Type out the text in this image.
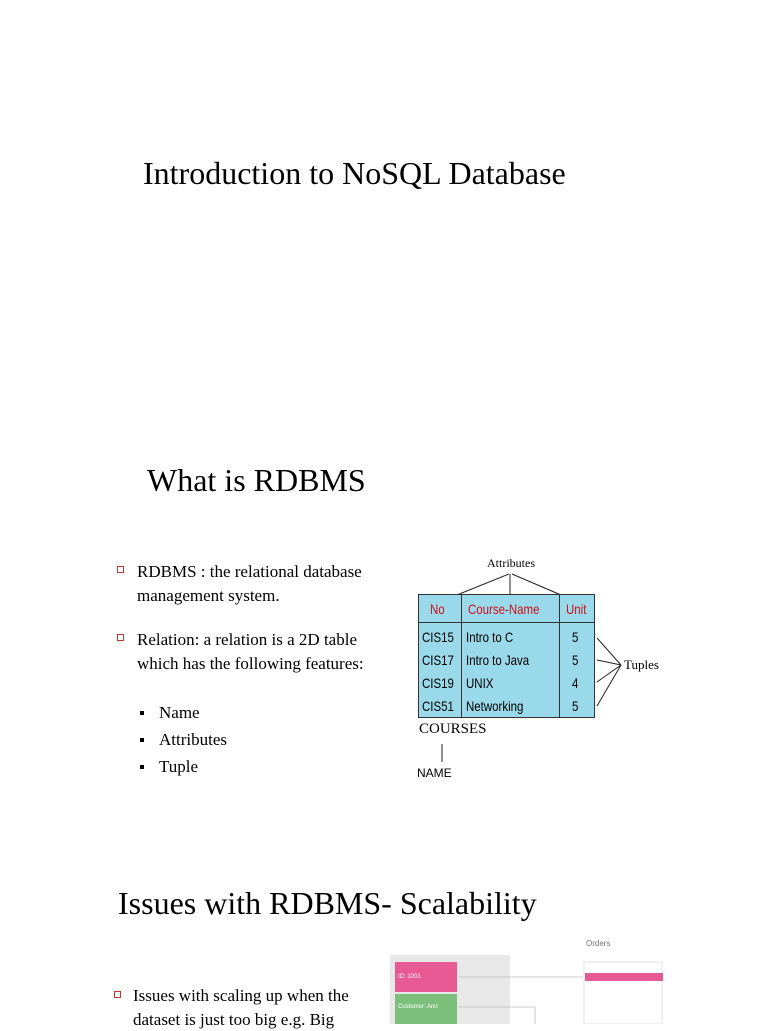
Introduction to NoSQL Database
What is RDBMS
RDBMS : the relational database management system.
Relation: a relation is a 2D table which has the following features:
Name
Attributes
Tuple
Attributes
No Course-Name Unit
CIS15 Intro to C	5
CIS17 Intro to Java	5
CIS19 UNIX	4
CIS51 Networking	5
Tuples
COURSES
NAME
Issues with RDBMS- Scalability
Issues with scaling up when the dataset is just too big e.g. Big
Orders
ID: 1001
Customer: Ann
